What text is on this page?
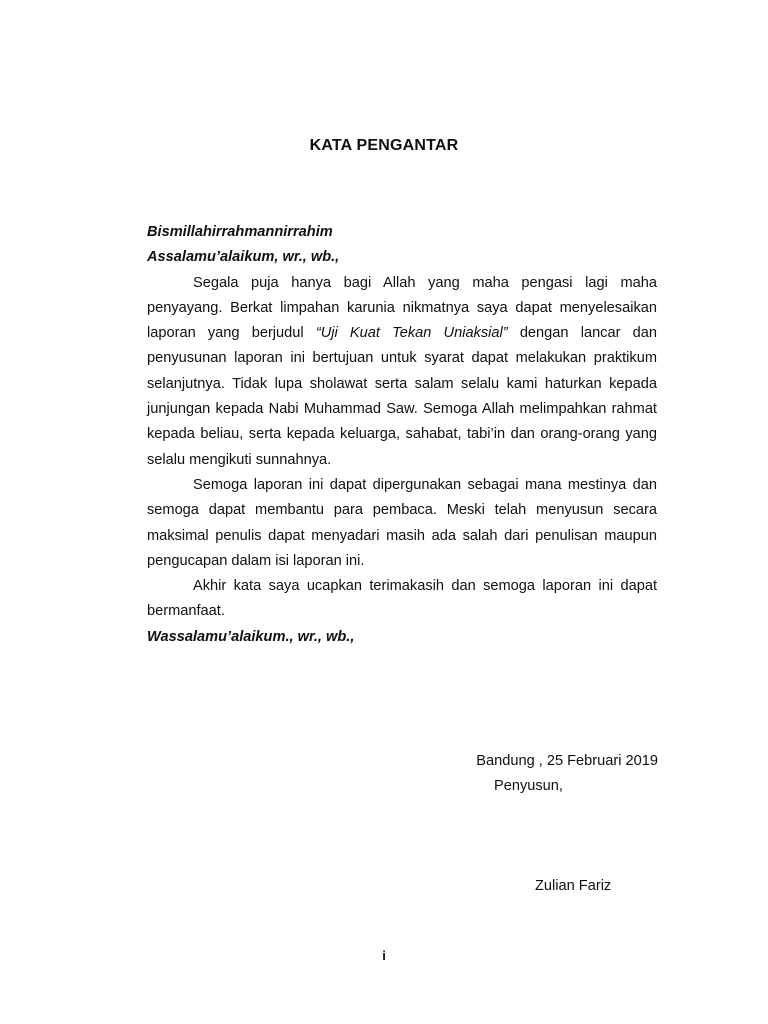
KATA PENGANTAR

Bismillahirrahmannirrahim

Assalamu’alaikum, wr., wb.,

Segala puja hanya bagi Allah yang maha pengasi lagi maha penyayang. Berkat limpahan karunia nikmatnya saya dapat menyelesaikan laporan yang berjudul “Uji Kuat Tekan Uniaksial” dengan lancar dan penyusunan laporan ini bertujuan untuk syarat dapat melakukan praktikum selanjutnya. Tidak lupa sholawat serta salam selalu kami haturkan kepada junjungan kepada Nabi Muhammad Saw. Semoga Allah melimpahkan rahmat kepada beliau, serta kepada keluarga, sahabat, tabi’in dan orang-orang yang selalu mengikuti sunnahnya.

Semoga laporan ini dapat dipergunakan sebagai mana mestinya dan semoga dapat membantu para pembaca. Meski telah menyusun secara maksimal penulis dapat menyadari masih ada salah dari penulisan maupun pengucapan dalam isi laporan ini.

Akhir kata saya ucapkan terimakasih dan semoga laporan ini dapat bermanfaat.

Wassalamu’alaikum., wr., wb.,

Bandung , 25 Februari 2019
Penyusun,
Zulian Fariz
i
